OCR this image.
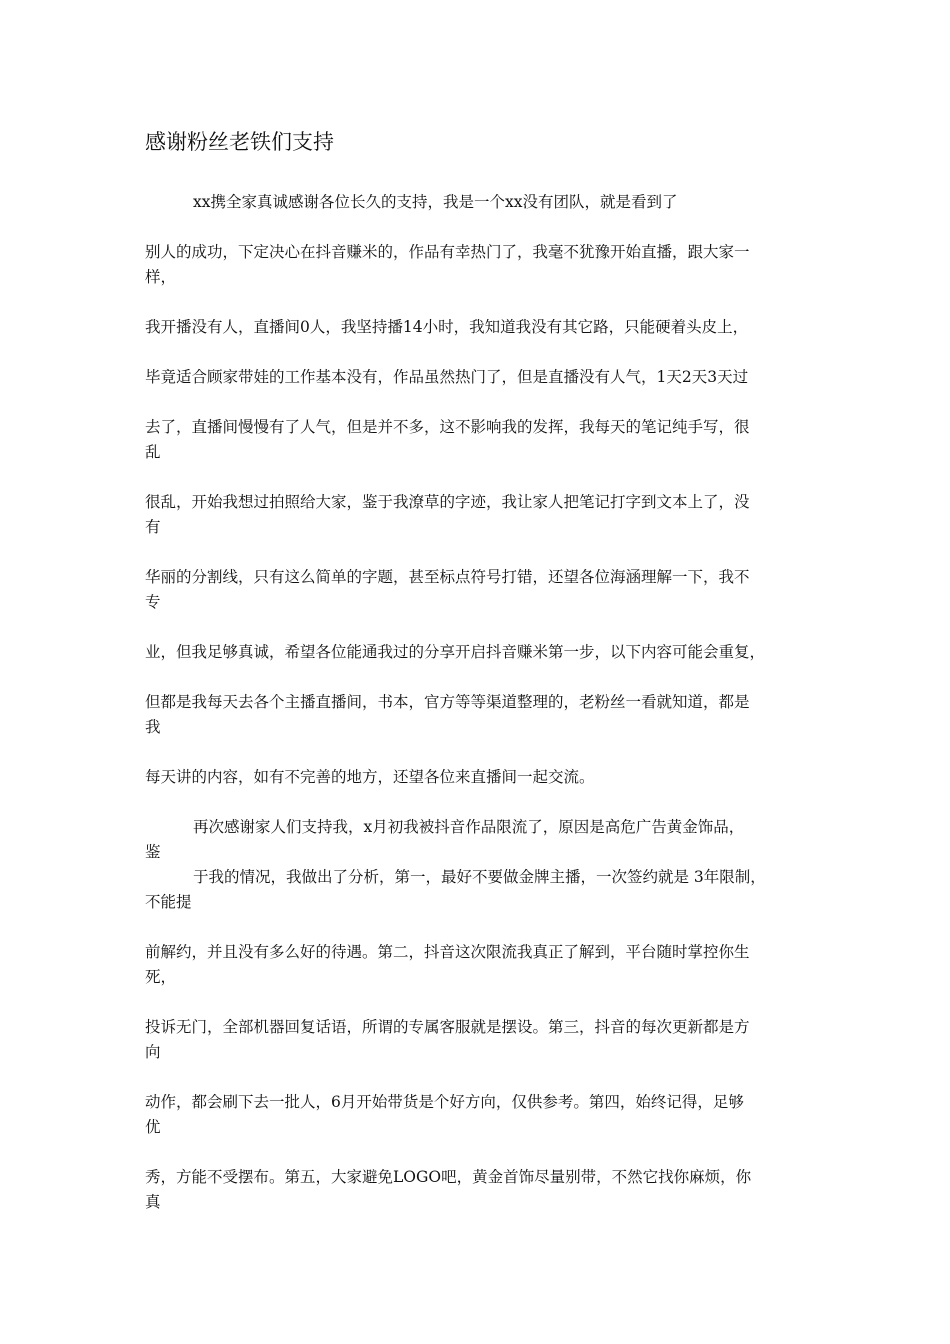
感谢粉丝老铁们支持
xx携全家真诚感谢各位长久的支持，我是一个xx没有团队，就是看到了
别人的成功，下定决心在抖音赚米的，作品有幸热门了，我毫不犹豫开始直播，跟大家一
样，
我开播没有人，直播间0人，我坚持播14小时，我知道我没有其它路，只能硬着头皮上，
毕竟适合顾家带娃的工作基本没有，作品虽然热门了，但是直播没有人气，1天2天3天过
去了，直播间慢慢有了人气，但是并不多，这不影响我的发挥，我每天的笔记纯手写，很
乱
很乱，开始我想过拍照给大家，鉴于我潦草的字迹，我让家人把笔记打字到文本上了，没
有
华丽的分割线，只有这么简单的字题，甚至标点符号打错，还望各位海涵理解一下，我不
专
业，但我足够真诚，希望各位能通我过的分享开启抖音赚米第一步，以下内容可能会重复，
但都是我每天去各个主播直播间，书本，官方等等渠道整理的，老粉丝一看就知道，都是
我
每天讲的内容，如有不完善的地方，还望各位来直播间一起交流。
再次感谢家人们支持我，x月初我被抖音作品限流了，原因是高危广告黄金饰品，
鉴
于我的情况，我做出了分析，第一，最好不要做金牌主播，一次签约就是 3年限制，
不能提
前解约，并且没有多么好的待遇。第二，抖音这次限流我真正了解到，平台随时掌控你生
死，
投诉无门，全部机器回复话语，所谓的专属客服就是摆设。第三，抖音的每次更新都是方
向
动作，都会刷下去一批人，6月开始带货是个好方向，仅供参考。第四，始终记得，足够
优
秀，方能不受摆布。第五，大家避免LOGO吧，黄金首饰尽量别带，不然它找你麻烦，你
真
